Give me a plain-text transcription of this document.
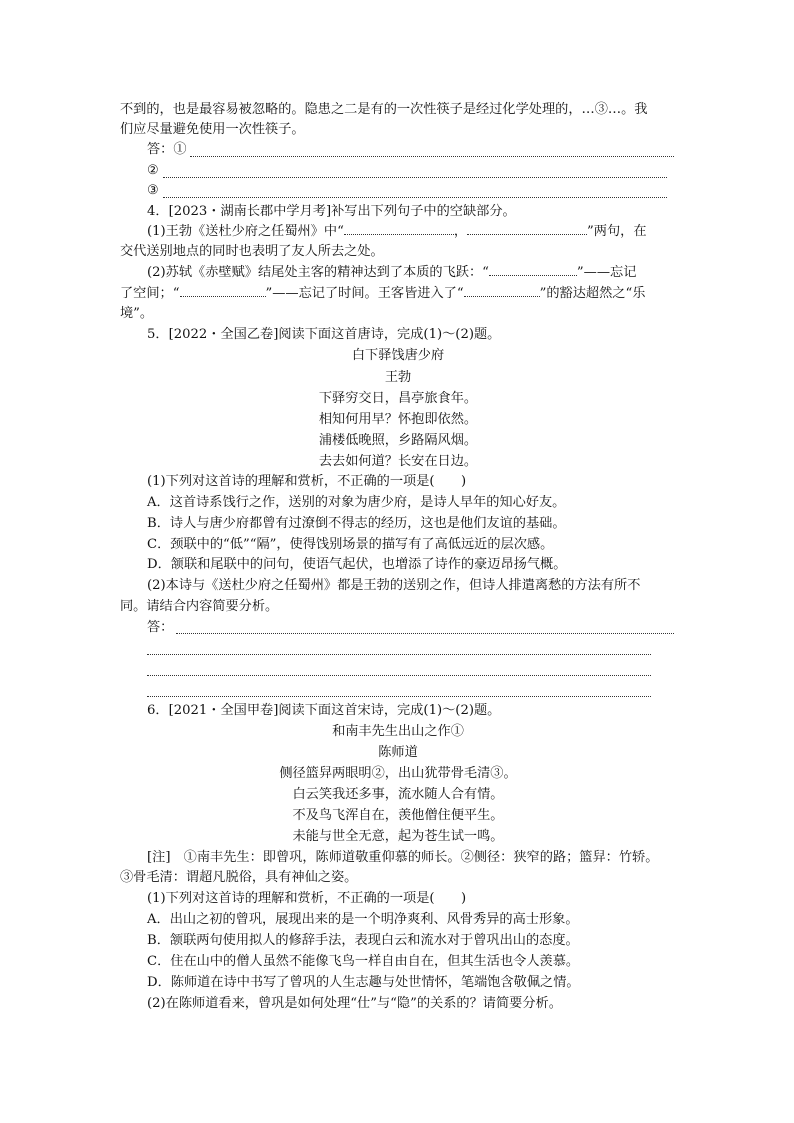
不到的，也是最容易被忽略的。隐患之二是有的一次性筷子是经过化学处理的，…③…。我
们应尽量避免使用一次性筷子。
答：①
②
③
4．[2023・湖南长郡中学月考]补写出下列句子中的空缺部分。
(1)王勃《送杜少府之任蜀州》中“	，	”两句，在
交代送别地点的同时也表明了友人所去之处。
(2)苏轼《赤壁赋》结尾处主客的精神达到了本质的飞跃：“	”——忘记
了空间；“	”——忘记了时间。王客皆进入了“	”的豁达超然之“乐
境”。
5．[2022・全国乙卷]阅读下面这首唐诗，完成(1)～(2)题。
白下驿饯唐少府
王勃
下驿穷交日，昌亭旅食年。
相知何用早？怀抱即依然。
浦楼低晚照，乡路隔风烟。
去去如何道？长安在日边。
(1)下列对这首诗的理解和赏析，不正确的一项是(　　)
A．这首诗系饯行之作，送别的对象为唐少府，是诗人早年的知心好友。
B．诗人与唐少府都曾有过潦倒不得志的经历，这也是他们友谊的基础。
C．颈联中的“低”“隔”，使得饯别场景的描写有了高低远近的层次感。
D．颔联和尾联中的问句，使语气起伏，也增添了诗作的豪迈昂扬气概。
(2)本诗与《送杜少府之任蜀州》都是王勃的送别之作，但诗人排遣离愁的方法有所不
同。请结合内容简要分析。
答：
6．[2021・全国甲卷]阅读下面这首宋诗，完成(1)～(2)题。
和南丰先生出山之作①
陈师道
侧径篮舁两眼明②，出山犹带骨毛清③。
白云笑我还多事，流水随人合有情。
不及鸟飞浑自在，羡他僧住便平生。
未能与世全无意，起为苍生试一鸣。
[注]　①南丰先生：即曾巩，陈师道敬重仰慕的师长。②侧径：狭窄的路；篮舁：竹轿。
③骨毛清：谓超凡脱俗，具有神仙之姿。
(1)下列对这首诗的理解和赏析，不正确的一项是(　　)
A．出山之初的曾巩，展现出来的是一个明净爽利、风骨秀异的高士形象。
B．颔联两句使用拟人的修辞手法，表现白云和流水对于曾巩出山的态度。
C．住在山中的僧人虽然不能像飞鸟一样自由自在，但其生活也令人羡慕。
D．陈师道在诗中书写了曾巩的人生志趣与处世情怀，笔端饱含敬佩之情。
(2)在陈师道看来，曾巩是如何处理“仕”与“隐”的关系的？请简要分析。
